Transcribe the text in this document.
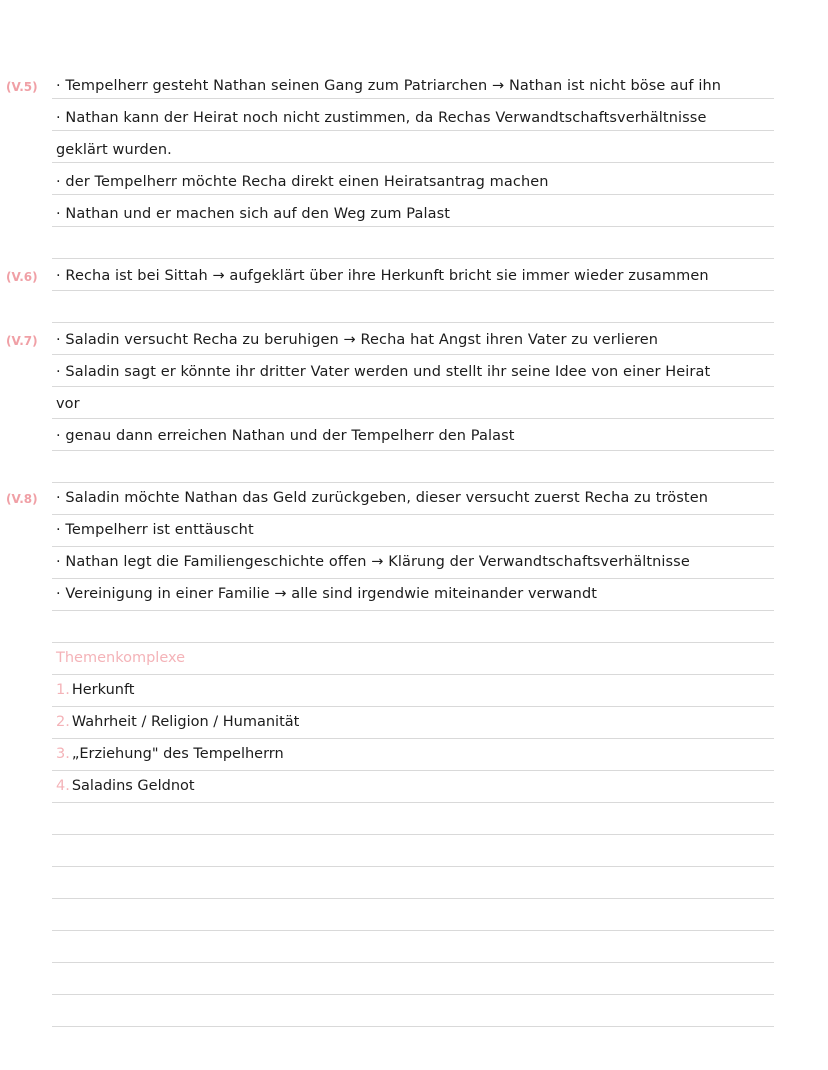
(V.5) · Tempelherr gesteht Nathan seinen Gang zum Patriarchen → Nathan ist nicht böse auf ihn
· Nathan kann der Heirat noch nicht zustimmen, da Rechas Verwandtschaftsverhältnisse
geklärt wurden.
· der Tempelherr möchte Recha direkt einen Heiratsantrag machen
· Nathan und er machen sich auf den Weg zum Palast
(V.6) · Recha ist bei Sittah → aufgeklärt über ihre Herkunft bricht sie immer wieder zusammen
(V.7) · Saladin versucht Recha zu beruhigen → Recha hat Angst ihren Vater zu verlieren
· Saladin sagt er könnte ihr dritter Vater werden und stellt ihr seine Idee von einer Heirat
vor
· genau dann erreichen Nathan und der Tempelherr den Palast
(V.8) · Saladin möchte Nathan das Geld zurückgeben, dieser versucht zuerst Recha zu trösten
· Tempelherr ist enttäuscht
· Nathan legt die Familiengeschichte offen → Klärung der Verwandtschaftsverhältnisse
· Vereinigung in einer Familie → alle sind irgendwie miteinander verwandt
Themenkomplexe
1. Herkunft
2. Wahrheit / Religion / Humanität
3. „Erziehung" des Tempelherrn
4. Saladins Geldnot
